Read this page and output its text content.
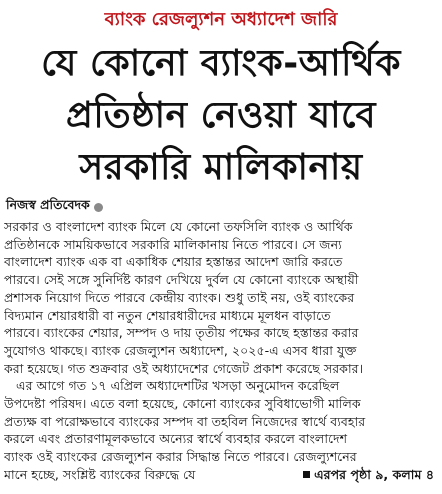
ব্যাংক রেজল্যুশন অধ্যাদেশ জারি
যে কোনো ব্যাংক-আর্থিক
প্রতিষ্ঠান নেওয়া যাবে
সরকারি মালিকানায়
নিজস্ব প্রতিবেদক
সরকার ও বাংলাদেশ ব্যাংক মিলে যে কোনো তফসিলি ব্যাংক ও আর্থিক
প্রতিষ্ঠানকে সাময়িকভাবে সরকারি মালিকানায় নিতে পারবে। সে জন্য
বাংলাদেশ ব্যাংক এক বা একাধিক শেয়ার হস্তান্তর আদেশ জারি করতে
পারবে। সেই সঙ্গে সুনির্দিষ্ট কারণ দেখিয়ে দুর্বল যে কোনো ব্যাংকে অস্থায়ী
প্রশাসক নিয়োগ দিতে পারবে কেন্দ্রীয় ব্যাংক। শুধু তাই নয়, ওই ব্যাংকের
বিদ্যমান শেয়ারধারী বা নতুন শেয়ারধারীদের মাধ্যমে মূলধন বাড়াতে
পারবে। ব্যাংকের শেয়ার, সম্পদ ও দায় তৃতীয় পক্ষের কাছে হস্তান্তর করার
সুযোগও থাকছে। ব্যাংক রেজল্যুশন অধ্যাদেশ, ২০২৫-এ এসব ধারা যুক্ত
করা হয়েছে। গত শুক্রবার ওই অধ্যাদেশের গেজেট প্রকাশ করেছে সরকার।
এর আগে গত ১৭ এপ্রিল অধ্যাদেশটির খসড়া অনুমোদন করেছিল
উপদেষ্টা পরিষদ। এতে বলা হয়েছে, কোনো ব্যাংকের সুবিধাভোগী মালিক
প্রত্যক্ষ বা পরোক্ষভাবে ব্যাংকের সম্পদ বা তহবিল নিজেদের স্বার্থে ব্যবহার
করলে এবং প্রতারণামূলকভাবে অন্যের স্বার্থে ব্যবহার করলে বাংলাদেশ
ব্যাংক ওই ব্যাংকের রেজল্যুশন করার সিদ্ধান্ত নিতে পারবে। রেজল্যুশনের
মানে হচ্ছে, সংশ্লিষ্ট ব্যাংকের বিরুদ্ধে যে	এরপর পৃষ্ঠা ৯, কলাম ৪
